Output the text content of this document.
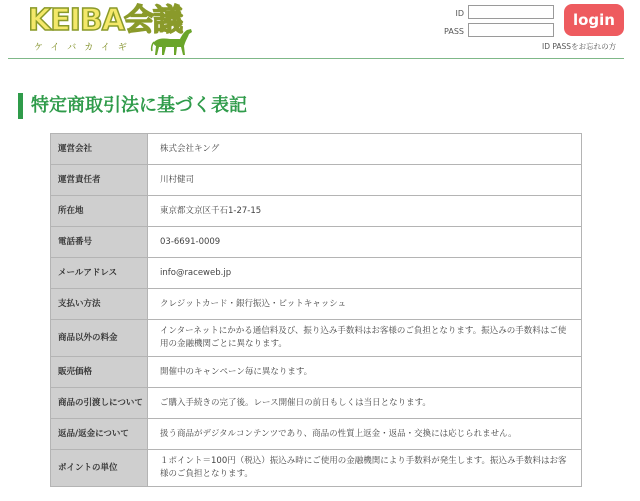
KEIBA会議
ケイバカイギ
ID
PASS
login
ID PASSをお忘れの方
特定商取引法に基づく表記
運営会社	株式会社キング
運営責任者	川村健司
所在地	東京都文京区千石1-27-15
電話番号	03-6691-0009
メールアドレス	info@raceweb.jp
支払い方法	クレジットカード・銀行振込・ビットキャッシュ
商品以外の料金	インターネットにかかる通信料及び、振り込み手数料はお客様のご負担となります。振込みの手数料はご使用の金融機関ごとに異なります。
販売価格	開催中のキャンペーン毎に異なります。
商品の引渡しについて	ご購入手続きの完了後。レース開催日の前日もしくは当日となります。
返品/返金について	扱う商品がデジタルコンテンツであり、商品の性質上返金・返品・交換には応じられません。
ポイントの単位	１ポイント＝100円（税込）振込み時にご使用の金融機関により手数料が発生します。振込み手数料はお客様のご負担となります。
